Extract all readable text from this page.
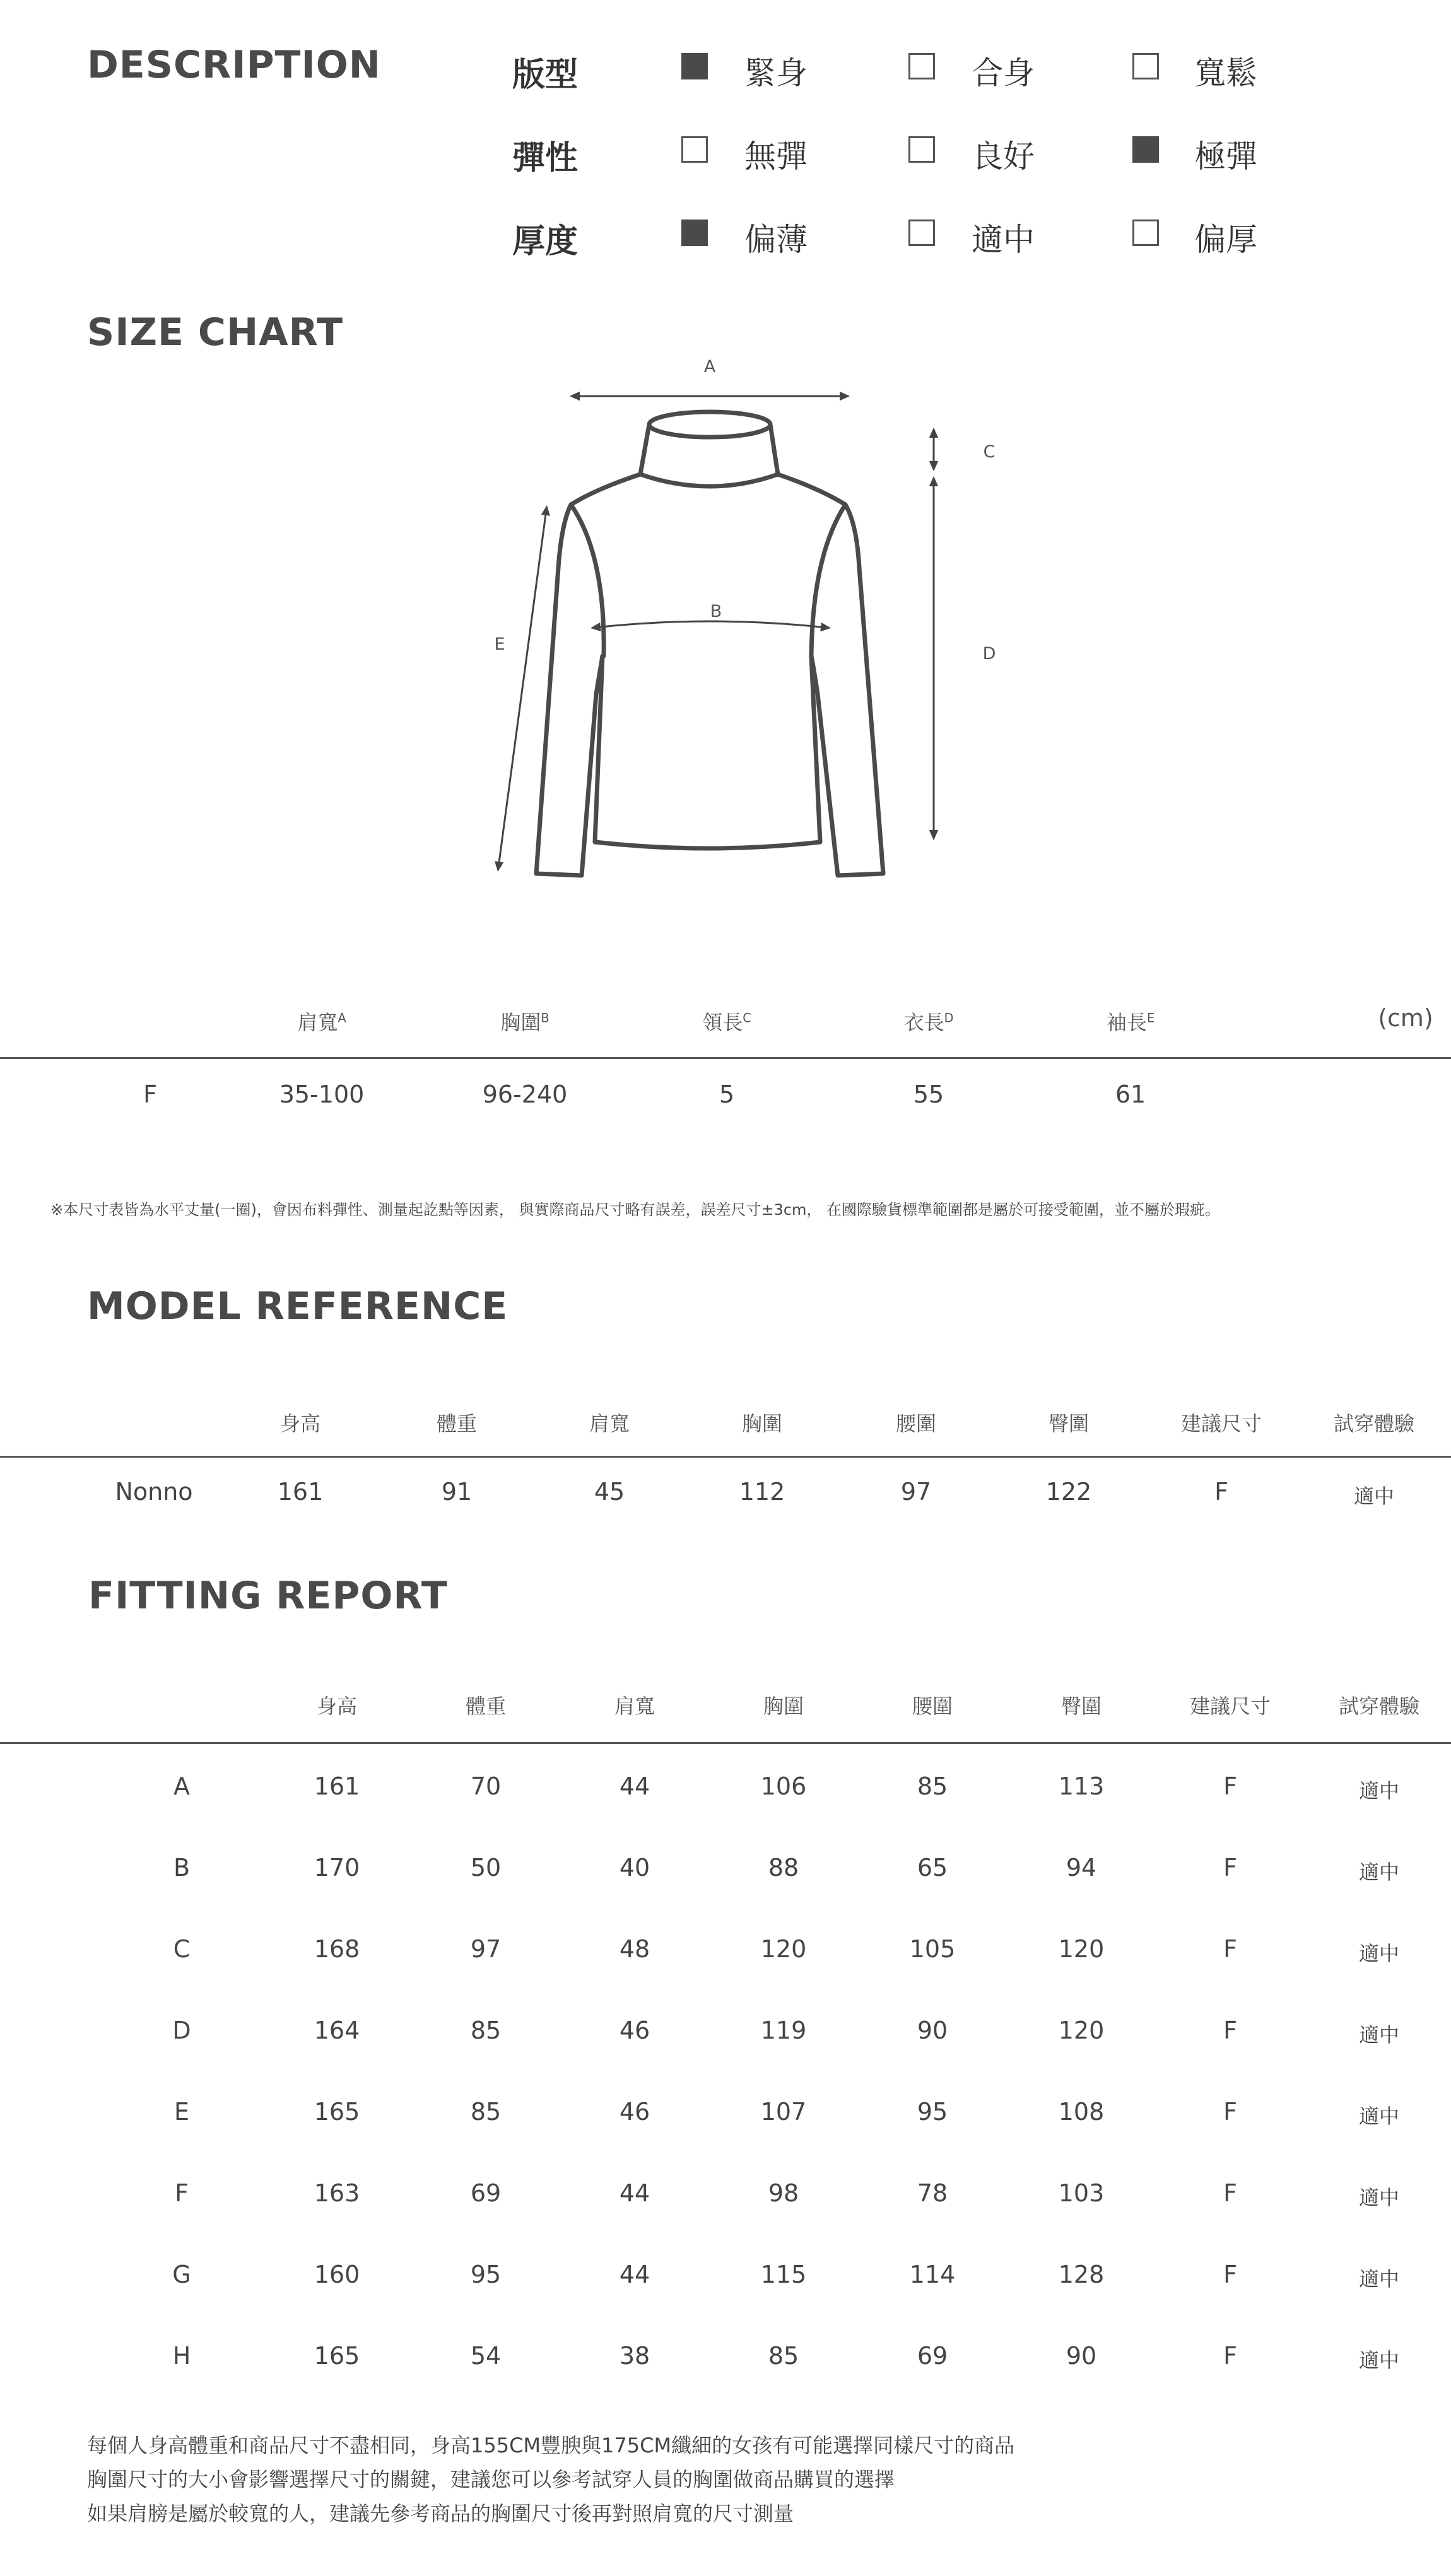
DESCRIPTION	版型	緊身	合身	寬鬆
彈性	無彈	良好	極彈
厚度	偏薄	適中	偏厚
SIZE CHART
A
B
C
D
E
肩寬$^A$	胸圍$^B$	領長$^C$	衣長$^D$	袖長$^E$	(cm)
F	35-100	96-240	5	55	61
※本尺寸表皆為水平丈量(一圈)，會因布料彈性、測量起訖點等因素， 與實際商品尺寸略有誤差，誤差尺寸±3cm， 在國際驗貨標準範圍都是屬於可接受範圍，並不屬於瑕疵。
MODEL REFERENCE
身高	體重	肩寬	胸圍	腰圍	臀圍	建議尺寸	試穿體驗
Nonno	161	91	45	112	97	122	F	適中
FITTING REPORT
身高	體重	肩寬	胸圍	腰圍	臀圍	建議尺寸	試穿體驗
A	161	70	44	106	85	113	F	適中
B	170	50	40	88	65	94	F	適中
C	168	97	48	120	105	120	F	適中
D	164	85	46	119	90	120	F	適中
E	165	85	46	107	95	108	F	適中
F	163	69	44	98	78	103	F	適中
G	160	95	44	115	114	128	F	適中
H	165	54	38	85	69	90	F	適中
每個人身高體重和商品尺寸不盡相同，身高155CM豐腴與175CM纖細的女孩有可能選擇同樣尺寸的商品
胸圍尺寸的大小會影響選擇尺寸的關鍵，建議您可以參考試穿人員的胸圍做商品購買的選擇
如果肩膀是屬於較寬的人，建議先參考商品的胸圍尺寸後再對照肩寬的尺寸測量
